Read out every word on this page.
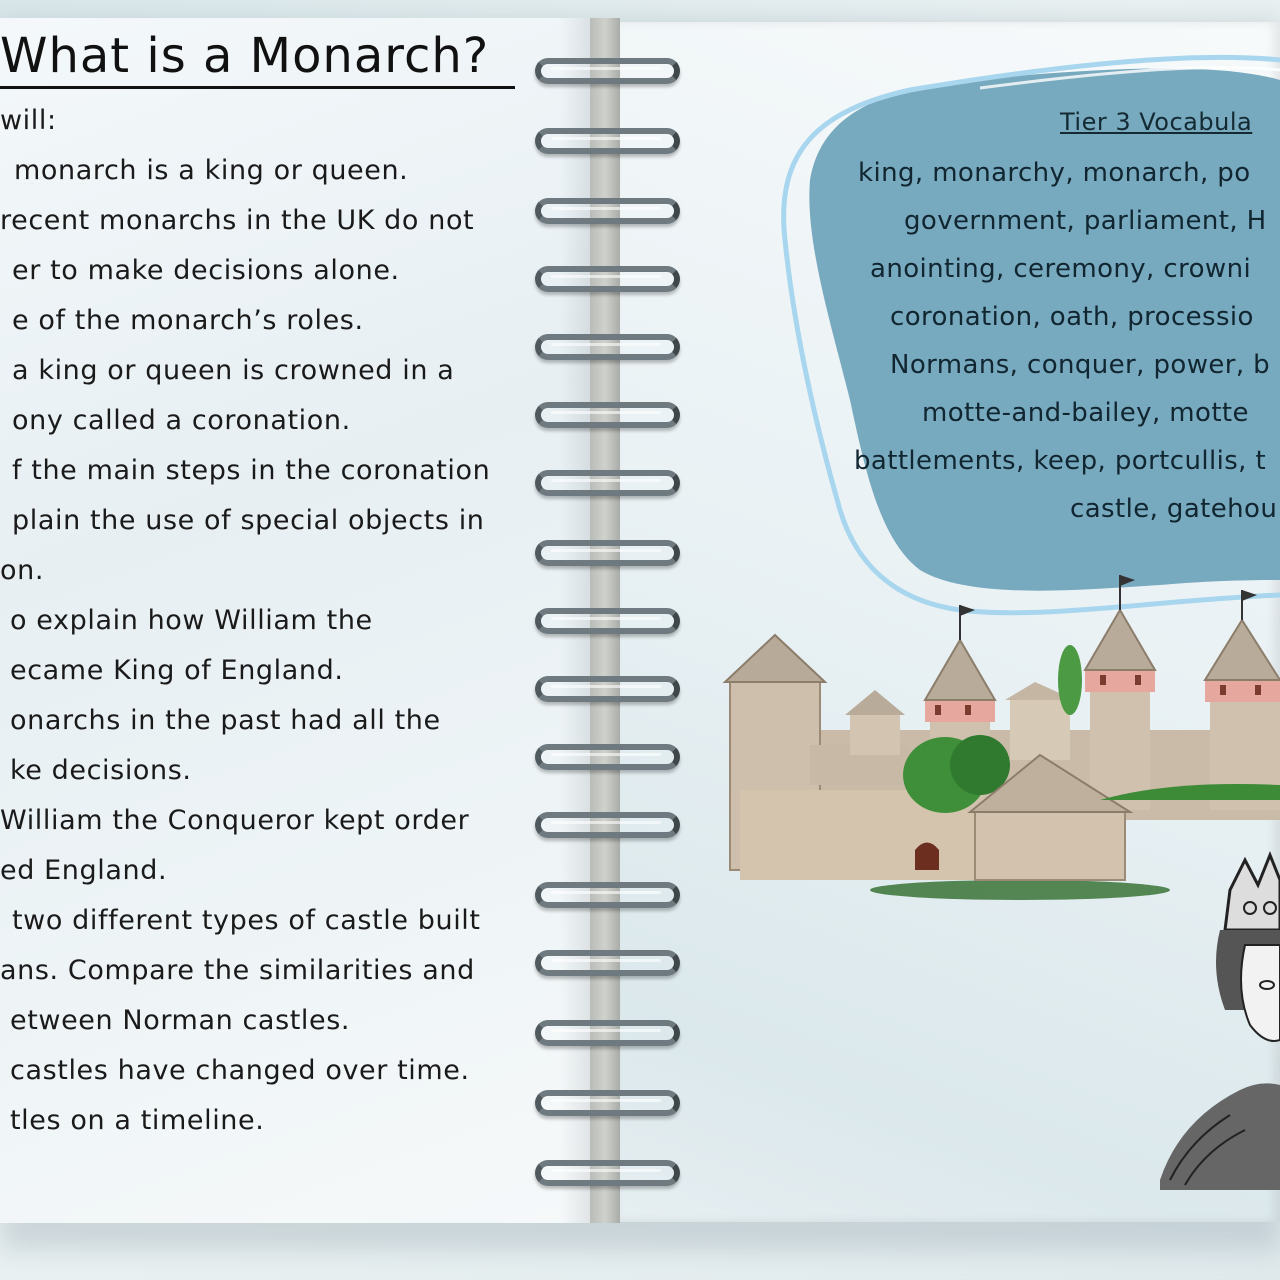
What is a Monarch?
will:
monarch is a king or queen.
recent monarchs in the UK do not
er to make decisions alone.
e of the monarch’s roles.
a king or queen is crowned in a
ony called a coronation.
f the main steps in the coronation
plain the use of special objects in
on.
o explain how William the
ecame King of England.
onarchs in the past had all the
ke decisions.
William the Conqueror kept order
ed England.
two different types of castle built
ans. Compare the similarities and
etween Norman castles.
castles have changed over time.
tles on a timeline.
Tier 3 Vocabula
king, monarchy, monarch, po
government, parliament, H
anointing, ceremony, crowni
coronation, oath, processio
Normans, conquer, power, b
motte-and-bailey, motte
battlements, keep, portcullis, t
castle, gatehou
